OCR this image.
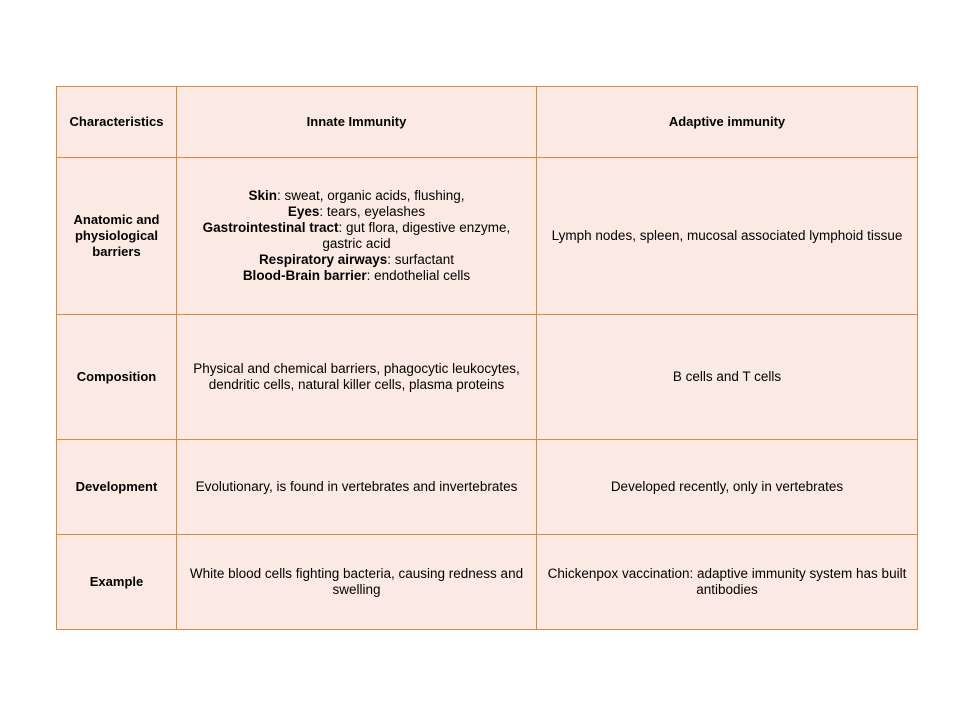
Characteristics	Innate Immunity	Adaptive immunity
Anatomic and physiological barriers	Skin: sweat, organic acids, flushing,
Eyes: tears, eyelashes
Gastrointestinal tract: gut flora, digestive enzyme, gastric acid
Respiratory airways: surfactant
Blood-Brain barrier: endothelial cells	Lymph nodes, spleen, mucosal associated lymphoid tissue
Composition	Physical and chemical barriers, phagocytic leukocytes, dendritic cells, natural killer cells, plasma proteins	B cells and T cells
Development	Evolutionary, is found in vertebrates and invertebrates	Developed recently, only in vertebrates
Example	White blood cells fighting bacteria, causing redness and swelling	Chickenpox vaccination: adaptive immunity system has built antibodies
